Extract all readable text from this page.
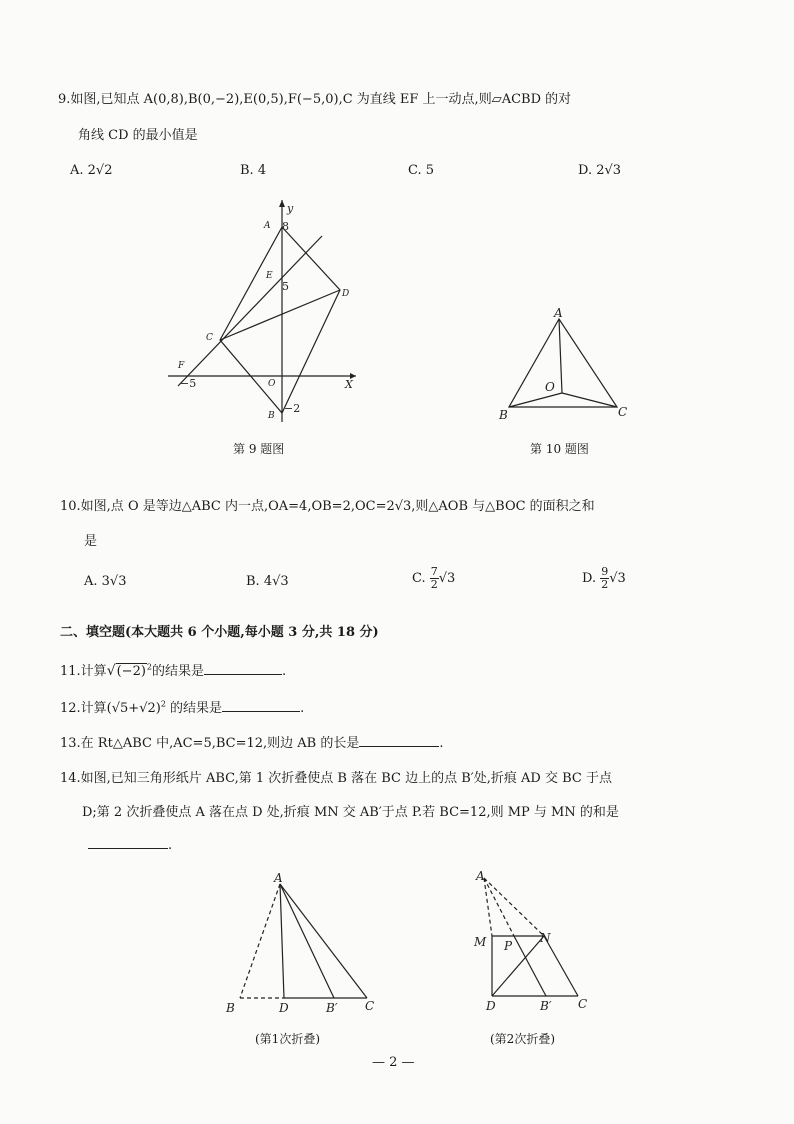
9.如图,已知点 A(0,8),B(0,−2),E(0,5),F(−5,0),C 为直线 EF 上一动点,则▱ACBD 的对
角线 CD 的最小值是
A. 2√2	B. 4	C. 5	D. 2√3
y
X
A
E
D
C
F
O
B
8
5
−5
−2
第 9 题图
A
B	C
O
第 10 题图
10.如图,点 O 是等边△ABC 内一点,OA=4,OB=2,OC=2√3,则△AOB 与△BOC 的面积之和
是
A. 3√3	B. 4√3	C. $\frac{7}{2} √3$	D. $\frac{9}{2} √3$
二、填空题(本大题共 6 个小题,每小题 3 分,共 18 分)
11.计算$√(-2)^2$的结果是	.
12.计算$(√5+√2)^2$ 的结果是	.
13.在 Rt△ABC 中,AC=5,BC=12,则边 AB 的长是	.
14.如图,已知三角形纸片 ABC,第 1 次折叠使点 B 落在 BC 边上的点 B′处,折痕 AD 交 BC 于点
D;第 2 次折叠使点 A 落在点 D 处,折痕 MN 交 AB′于点 P.若 BC=12,则 MP 与 MN 的和是
.
A
B	D	B′ C
(第1次折叠)
A
M P
N
D	B′ C
(第2次折叠)
— 2 —
